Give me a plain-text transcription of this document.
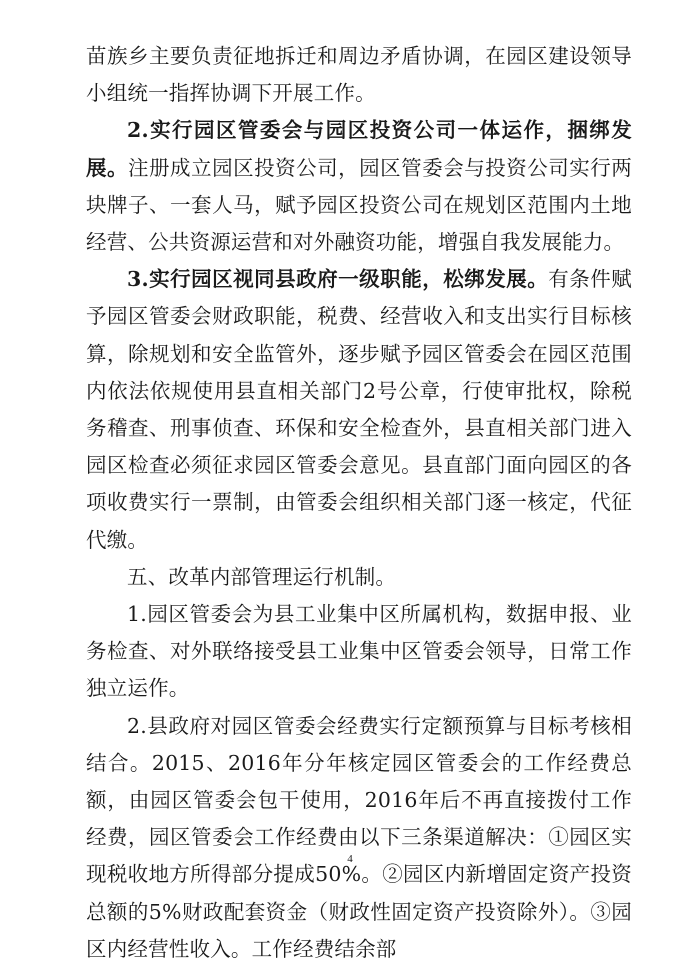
苗族乡主要负责征地拆迁和周边矛盾协调，在园区建设领导小组统一指挥协调下开展工作。

2.实行园区管委会与园区投资公司一体运作，捆绑发展。注册成立园区投资公司，园区管委会与投资公司实行两块牌子、一套人马，赋予园区投资公司在规划区范围内土地经营、公共资源运营和对外融资功能，增强自我发展能力。

3.实行园区视同县政府一级职能，松绑发展。有条件赋予园区管委会财政职能，税费、经营收入和支出实行目标核算，除规划和安全监管外，逐步赋予园区管委会在园区范围内依法依规使用县直相关部门2号公章，行使审批权，除税务稽查、刑事侦查、环保和安全检查外，县直相关部门进入园区检查必须征求园区管委会意见。县直部门面向园区的各项收费实行一票制，由管委会组织相关部门逐一核定，代征代缴。

五、改革内部管理运行机制。

1.园区管委会为县工业集中区所属机构，数据申报、业务检查、对外联络接受县工业集中区管委会领导，日常工作独立运作。

2.县政府对园区管委会经费实行定额预算与目标考核相结合。2015、2016年分年核定园区管委会的工作经费总额，由园区管委会包干使用，2016年后不再直接拨付工作经费，园区管委会工作经费由以下三条渠道解决：①园区实现税收地方所得部分提成50%。②园区内新增固定资产投资总额的5%财政配套资金（财政性固定资产投资除外）。③园区内经营性收入。工作经费结余部

4
